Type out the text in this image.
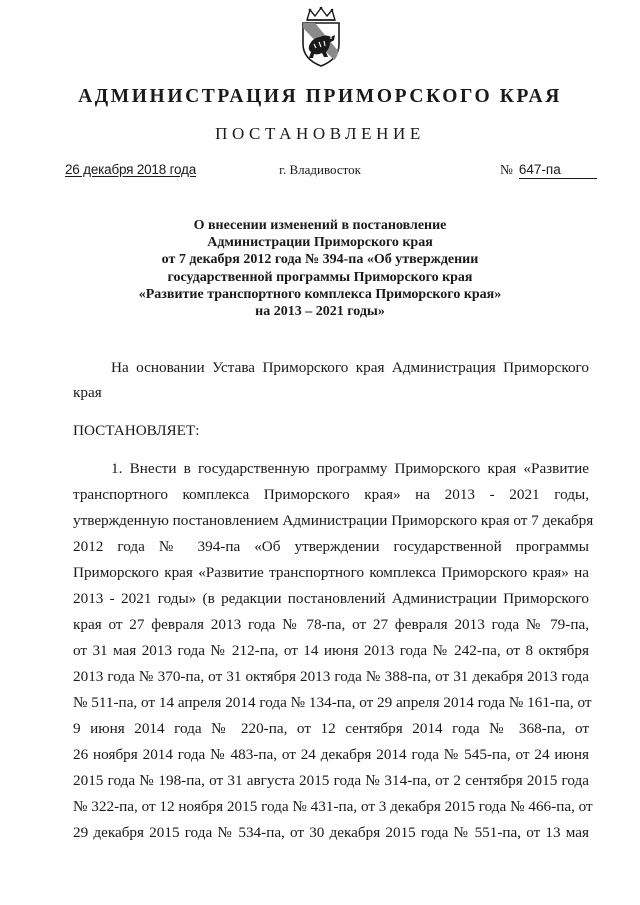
АДМИНИСТРАЦИЯ ПРИМОРСКОГО КРАЯ
ПОСТАНОВЛЕНИЕ
26 декабря 2018 года	г. Владивосток	№ 647-па
О внесении изменений в постановление
Администрации Приморского края
от 7 декабря 2012 года № 394-па «Об утверждении
государственной программы Приморского края
«Развитие транспортного комплекса Приморского края»
на 2013 – 2021 годы»
На основании Устава Приморского края Администрация Приморского
края
ПОСТАНОВЛЯЕТ:
1. Внести в государственную программу Приморского края «Развитие
транспортного комплекса Приморского края» на 2013 - 2021 годы,
утвержденную постановлением Администрации Приморского края от 7 декабря
2012 года № 394-па «Об утверждении государственной программы
Приморского края «Развитие транспортного комплекса Приморского края» на
2013 - 2021 годы» (в редакции постановлений Администрации Приморского
края от 27 февраля 2013 года № 78-па, от 27 февраля 2013 года № 79-па,
от 31 мая 2013 года № 212-па, от 14 июня 2013 года № 242-па, от 8 октября
2013 года № 370-па, от 31 октября 2013 года № 388-па, от 31 декабря 2013 года
№ 511-па, от 14 апреля 2014 года № 134-па, от 29 апреля 2014 года № 161-па, от
9 июня 2014 года № 220-па, от 12 сентября 2014 года № 368-па, от
26 ноября 2014 года № 483-па, от 24 декабря 2014 года № 545-па, от 24 июня
2015 года № 198-па, от 31 августа 2015 года № 314-па, от 2 сентября 2015 года
№ 322-па, от 12 ноября 2015 года № 431-па, от 3 декабря 2015 года № 466-па, от
29 декабря 2015 года № 534-па, от 30 декабря 2015 года № 551-па, от 13 мая
